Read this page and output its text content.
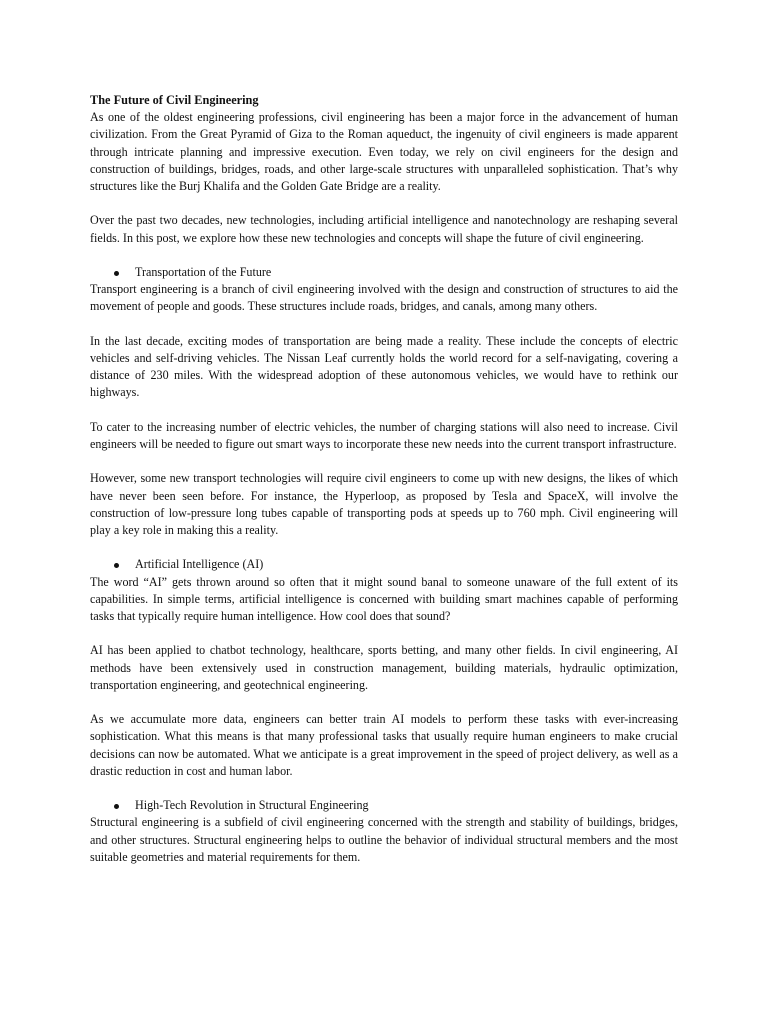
The Future of Civil Engineering

As one of the oldest engineering professions, civil engineering has been a major force in the advancement of human civilization. From the Great Pyramid of Giza to the Roman aqueduct, the ingenuity of civil engineers is made apparent through intricate planning and impressive execution. Even today, we rely on civil engineers for the design and construction of buildings, bridges, roads, and other large-scale structures with unparalleled sophistication. That’s why structures like the Burj Khalifa and the Golden Gate Bridge are a reality.

Over the past two decades, new technologies, including artificial intelligence and nanotechnology are reshaping several fields. In this post, we explore how these new technologies and concepts will shape the future of civil engineering.

Transportation of the Future

Transport engineering is a branch of civil engineering involved with the design and construction of structures to aid the movement of people and goods. These structures include roads, bridges, and canals, among many others.

In the last decade, exciting modes of transportation are being made a reality. These include the concepts of electric vehicles and self-driving vehicles. The Nissan Leaf currently holds the world record for a self-navigating, covering a distance of 230 miles. With the widespread adoption of these autonomous vehicles, we would have to rethink our highways.

To cater to the increasing number of electric vehicles, the number of charging stations will also need to increase. Civil engineers will be needed to figure out smart ways to incorporate these new needs into the current transport infrastructure.

However, some new transport technologies will require civil engineers to come up with new designs, the likes of which have never been seen before. For instance, the Hyperloop, as proposed by Tesla and SpaceX, will involve the construction of low-pressure long tubes capable of transporting pods at speeds up to 760 mph. Civil engineering will play a key role in making this a reality.

Artificial Intelligence (AI)

The word “AI” gets thrown around so often that it might sound banal to someone unaware of the full extent of its capabilities. In simple terms, artificial intelligence is concerned with building smart machines capable of performing tasks that typically require human intelligence. How cool does that sound?

AI has been applied to chatbot technology, healthcare, sports betting, and many other fields. In civil engineering, AI methods have been extensively used in construction management, building materials, hydraulic optimization, transportation engineering, and geotechnical engineering.

As we accumulate more data, engineers can better train AI models to perform these tasks with ever-increasing sophistication. What this means is that many professional tasks that usually require human engineers to make crucial decisions can now be automated. What we anticipate is a great improvement in the speed of project delivery, as well as a drastic reduction in cost and human labor.

High-Tech Revolution in Structural Engineering

Structural engineering is a subfield of civil engineering concerned with the strength and stability of buildings, bridges, and other structures. Structural engineering helps to outline the behavior of individual structural members and the most suitable geometries and material requirements for them.
